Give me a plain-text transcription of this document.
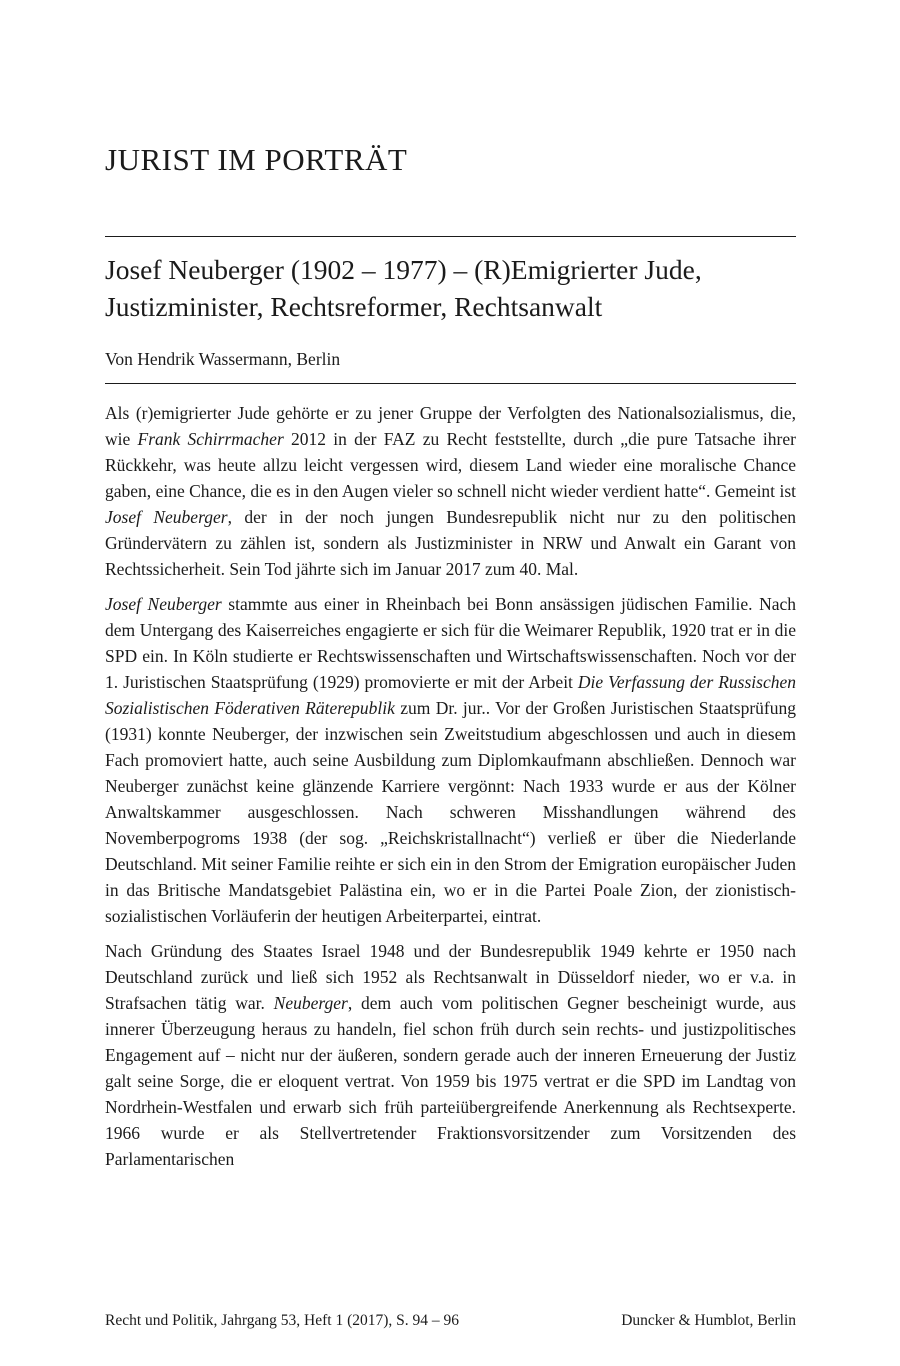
JURIST IM PORTRÄT
Josef Neuberger (1902 – 1977) – (R)Emigrierter Jude, Justizminister, Rechtsreformer, Rechtsanwalt
Von Hendrik Wassermann, Berlin

Als (r)emigrierter Jude gehörte er zu jener Gruppe der Verfolgten des Nationalsozialismus, die, wie Frank Schirrmacher 2012 in der FAZ zu Recht feststellte, durch „die pure Tatsache ihrer Rückkehr, was heute allzu leicht vergessen wird, diesem Land wieder eine moralische Chance gaben, eine Chance, die es in den Augen vieler so schnell nicht wieder verdient hatte“. Gemeint ist Josef Neuberger, der in der noch jungen Bundesrepublik nicht nur zu den politischen Gründervätern zu zählen ist, sondern als Justizminister in NRW und Anwalt ein Garant von Rechtssicherheit. Sein Tod jährte sich im Januar 2017 zum 40. Mal.

Josef Neuberger stammte aus einer in Rheinbach bei Bonn ansässigen jüdischen Familie. Nach dem Untergang des Kaiserreiches engagierte er sich für die Weimarer Republik, 1920 trat er in die SPD ein. In Köln studierte er Rechtswissenschaften und Wirtschaftswissenschaften. Noch vor der 1. Juristischen Staatsprüfung (1929) promovierte er mit der Arbeit Die Verfassung der Russischen Sozialistischen Föderativen Räterepublik zum Dr. jur.. Vor der Großen Juristischen Staatsprüfung (1931) konnte Neuberger, der inzwischen sein Zweitstudium abgeschlossen und auch in diesem Fach promoviert hatte, auch seine Ausbildung zum Diplomkaufmann abschließen. Dennoch war Neuberger zunächst keine glänzende Karriere vergönnt: Nach 1933 wurde er aus der Kölner Anwaltskammer ausgeschlossen. Nach schweren Misshandlungen während des Novemberpogroms 1938 (der sog. „Reichskristallnacht“) verließ er über die Niederlande Deutschland. Mit seiner Familie reihte er sich ein in den Strom der Emigration europäischer Juden in das Britische Mandatsgebiet Palästina ein, wo er in die Partei Poale Zion, der zionistisch-sozialistischen Vorläuferin der heutigen Arbeiterpartei, eintrat.

Nach Gründung des Staates Israel 1948 und der Bundesrepublik 1949 kehrte er 1950 nach Deutschland zurück und ließ sich 1952 als Rechtsanwalt in Düsseldorf nieder, wo er v.a. in Strafsachen tätig war. Neuberger, dem auch vom politischen Gegner bescheinigt wurde, aus innerer Überzeugung heraus zu handeln, fiel schon früh durch sein rechts- und justizpolitisches Engagement auf – nicht nur der äußeren, sondern gerade auch der inneren Erneuerung der Justiz galt seine Sorge, die er eloquent vertrat. Von 1959 bis 1975 vertrat er die SPD im Landtag von Nordrhein-Westfalen und erwarb sich früh parteiübergreifende Anerkennung als Rechtsexperte. 1966 wurde er als Stellvertretender Fraktionsvorsitzender zum Vorsitzenden des Parlamentarischen

Recht und Politik, Jahrgang 53, Heft 1 (2017), S. 94 – 96	Duncker & Humblot, Berlin
